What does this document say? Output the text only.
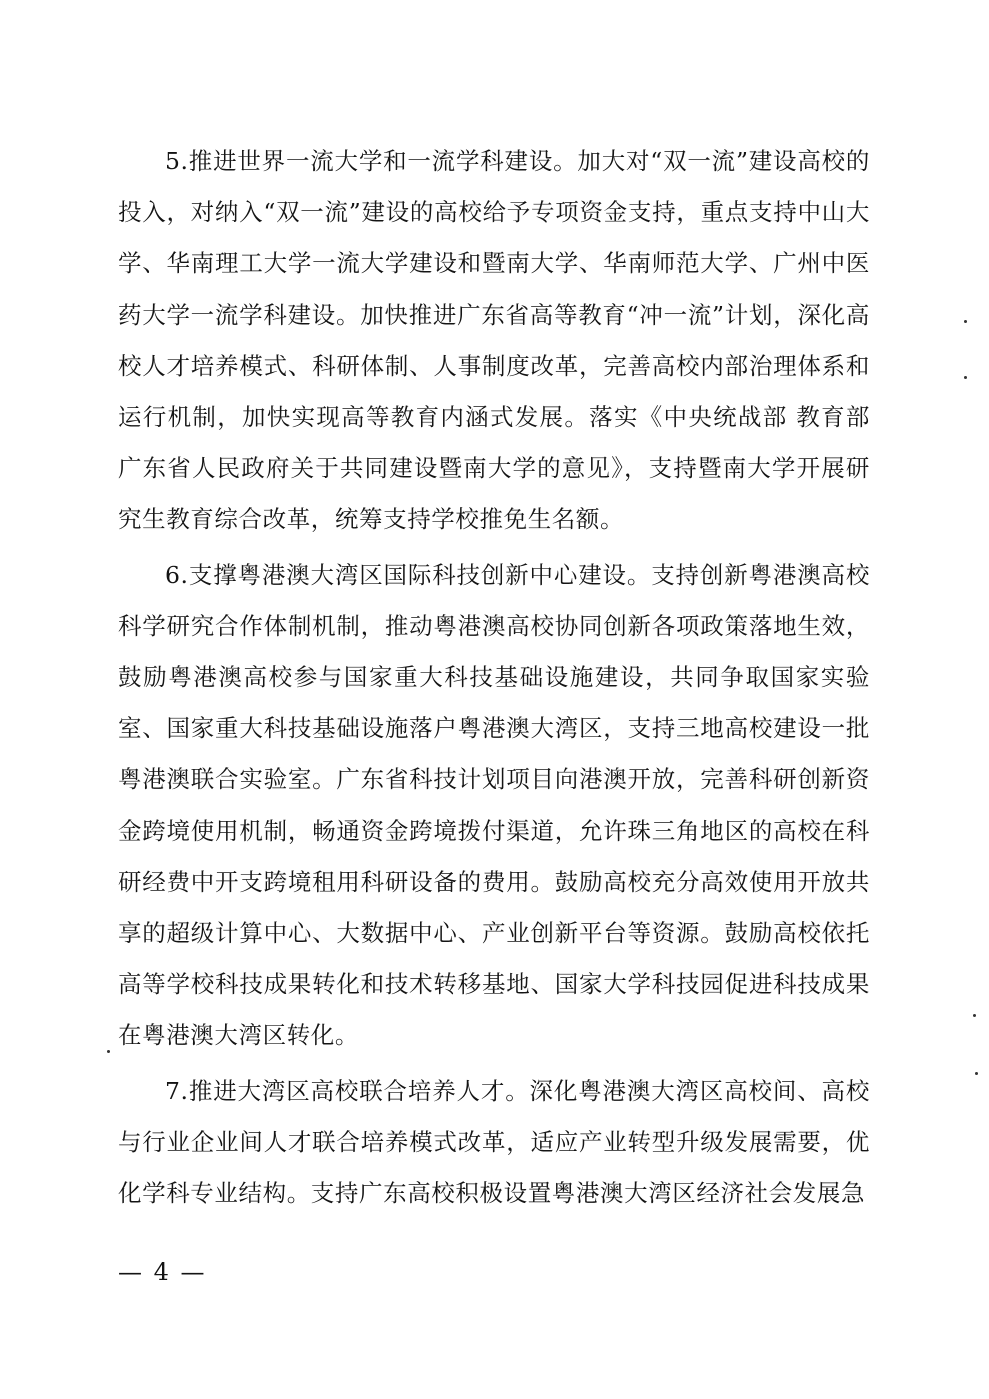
5.推进世界一流大学和一流学科建设。加大对“双一流”建设高校的投入，对纳入“双一流”建设的高校给予专项资金支持，重点支持中山大学、华南理工大学一流大学建设和暨南大学、华南师范大学、广州中医药大学一流学科建设。加快推进广东省高等教育“冲一流”计划，深化高校人才培养模式、科研体制、人事制度改革，完善高校内部治理体系和运行机制，加快实现高等教育内涵式发展。落实《中央统战部 教育部 广东省人民政府关于共同建设暨南大学的意见》，支持暨南大学开展研究生教育综合改革，统筹支持学校推免生名额。

6.支撑粤港澳大湾区国际科技创新中心建设。支持创新粤港澳高校科学研究合作体制机制，推动粤港澳高校协同创新各项政策落地生效，鼓励粤港澳高校参与国家重大科技基础设施建设，共同争取国家实验室、国家重大科技基础设施落户粤港澳大湾区，支持三地高校建设一批粤港澳联合实验室。广东省科技计划项目向港澳开放，完善科研创新资金跨境使用机制，畅通资金跨境拨付渠道，允许珠三角地区的高校在科研经费中开支跨境租用科研设备的费用。鼓励高校充分高效使用开放共享的超级计算中心、大数据中心、产业创新平台等资源。鼓励高校依托高等学校科技成果转化和技术转移基地、国家大学科技园促进科技成果在粤港澳大湾区转化。

7.推进大湾区高校联合培养人才。深化粤港澳大湾区高校间、高校与行业企业间人才联合培养模式改革，适应产业转型升级发展需要，优化学科专业结构。支持广东高校积极设置粤港澳大湾区经济社会发展急

— 4 —
